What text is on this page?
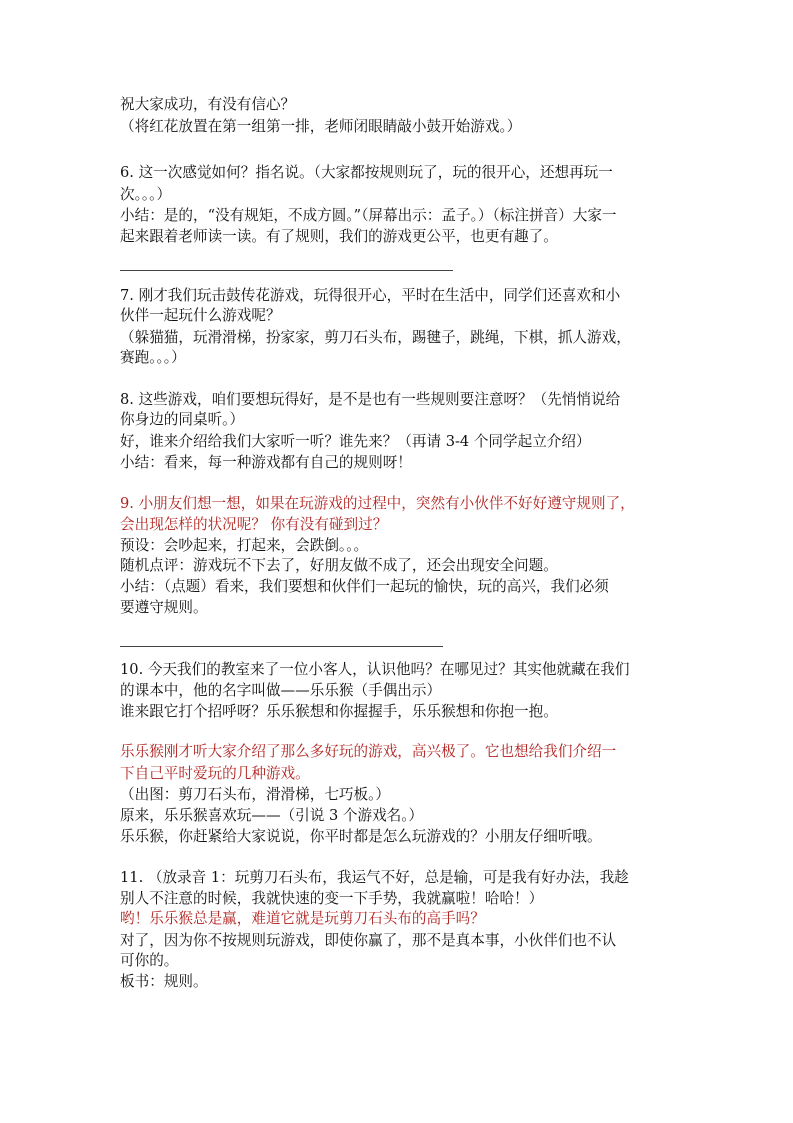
祝大家成功，有没有信心？
（将红花放置在第一组第一排，老师闭眼睛敲小鼓开始游戏。）
6. 这一次感觉如何？指名说。（大家都按规则玩了，玩的很开心，还想再玩一
次。。。）
小结：是的，“没有规矩，不成方圆。”（屏幕出示：孟子。）（标注拼音）大家一
起来跟着老师读一读。有了规则，我们的游戏更公平，也更有趣了。
7. 刚才我们玩击鼓传花游戏，玩得很开心，平时在生活中，同学们还喜欢和小
伙伴一起玩什么游戏呢？
（躲猫猫，玩滑滑梯，扮家家，剪刀石头布，踢毽子，跳绳，下棋，抓人游戏，
赛跑。。。）
8. 这些游戏，咱们要想玩得好，是不是也有一些规则要注意呀？（先悄悄说给
你身边的同桌听。）
好，谁来介绍给我们大家听一听？谁先来？（再请 3-4 个同学起立介绍）
小结：看来，每一种游戏都有自己的规则呀！
9. 小朋友们想一想，如果在玩游戏的过程中，突然有小伙伴不好好遵守规则了，
会出现怎样的状况呢？ 你有没有碰到过？
预设：会吵起来，打起来，会跌倒。。。
随机点评：游戏玩不下去了，好朋友做不成了，还会出现安全问题。
小结：（点题）看来，我们要想和伙伴们一起玩的愉快，玩的高兴，我们必须
要遵守规则。
10. 今天我们的教室来了一位小客人，认识他吗？在哪见过？其实他就藏在我们
的课本中，他的名字叫做——乐乐猴（手偶出示）
谁来跟它打个招呼呀？乐乐猴想和你握握手，乐乐猴想和你抱一抱。
乐乐猴刚才听大家介绍了那么多好玩的游戏，高兴极了。它也想给我们介绍一
下自己平时爱玩的几种游戏。
（出图：剪刀石头布，滑滑梯，七巧板。）
原来，乐乐猴喜欢玩——（引说 3 个游戏名。）
乐乐猴，你赶紧给大家说说，你平时都是怎么玩游戏的？小朋友仔细听哦。
11. （放录音 1：玩剪刀石头布，我运气不好，总是输，可是我有好办法，我趁
别人不注意的时候，我就快速的变一下手势，我就赢啦！哈哈！）
哟！乐乐猴总是赢，难道它就是玩剪刀石头布的高手吗？
对了，因为你不按规则玩游戏，即使你赢了，那不是真本事，小伙伴们也不认
可你的。
板书：规则。
